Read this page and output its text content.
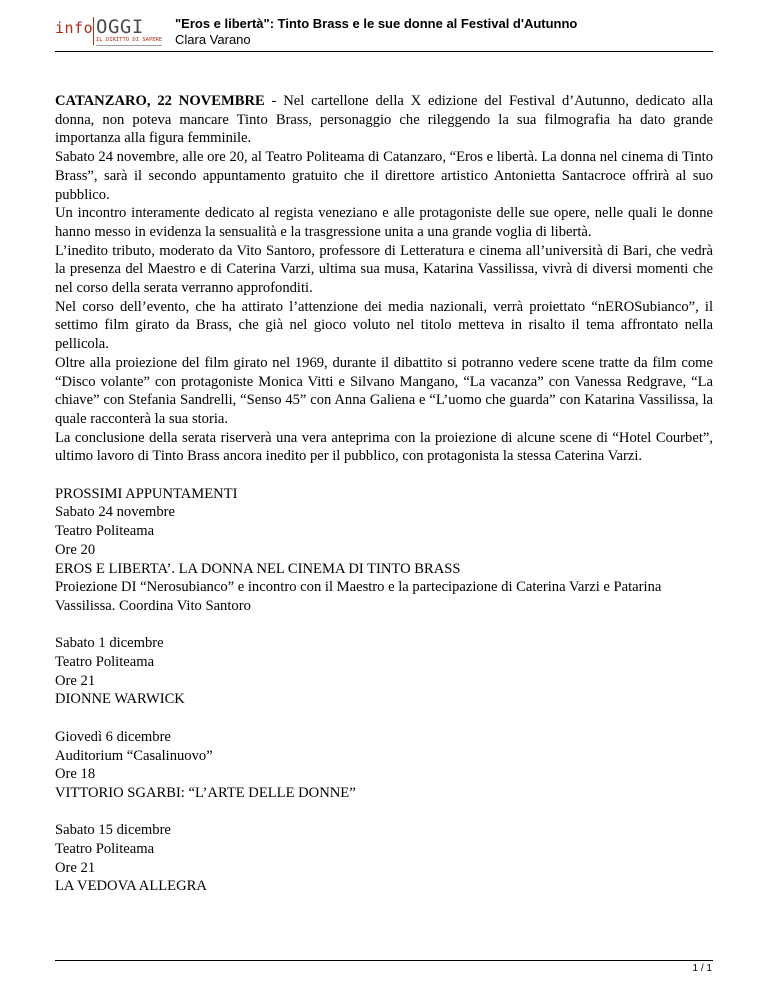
info OGGI
IL DIRITTO DI SAPERE
"Eros e libertà": Tinto Brass e le sue donne al Festival d'Autunno
Clara Varano

CATANZARO, 22 NOVEMBRE - Nel cartellone della X edizione del Festival d’Autunno, dedicato alla donna, non poteva mancare Tinto Brass, personaggio che rileggendo la sua filmografia ha dato grande importanza alla figura femminile.

Sabato 24 novembre, alle ore 20, al Teatro Politeama di Catanzaro, “Eros e libertà. La donna nel cinema di Tinto Brass”, sarà il secondo appuntamento gratuito che il direttore artistico Antonietta Santacroce offrirà al suo pubblico.

Un incontro interamente dedicato al regista veneziano e alle protagoniste delle sue opere, nelle quali le donne hanno messo in evidenza la sensualità e la trasgressione unita a una grande voglia di libertà.

L’inedito tributo, moderato da Vito Santoro, professore di Letteratura e cinema all’università di Bari, che vedrà la presenza del Maestro e di Caterina Varzi, ultima sua musa, Katarina Vassilissa, vivrà di diversi momenti che nel corso della serata verranno approfonditi.

Nel corso dell’evento, che ha attirato l’attenzione dei media nazionali, verrà proiettato “nEROSubianco”, il settimo film girato da Brass, che già nel gioco voluto nel titolo metteva in risalto il tema affrontato nella pellicola.

Oltre alla proiezione del film girato nel 1969, durante il dibattito si potranno vedere scene tratte da film come “Disco volante” con protagoniste Monica Vitti e Silvano Mangano, “La vacanza” con Vanessa Redgrave, “La chiave” con Stefania Sandrelli, “Senso 45” con Anna Galiena e “L’uomo che guarda” con Katarina Vassilissa, la quale racconterà la sua storia.

La conclusione della serata riserverà una vera anteprima con la proiezione di alcune scene di “Hotel Courbet”, ultimo lavoro di Tinto Brass ancora inedito per il pubblico, con protagonista la stessa Caterina Varzi.

PROSSIMI APPUNTAMENTI

Sabato 24 novembre

Teatro Politeama

Ore 20

EROS E LIBERTA’. LA DONNA NEL CINEMA DI TINTO BRASS

Proiezione DI “Nerosubianco” e incontro con il Maestro e la partecipazione di Caterina Varzi e Patarina Vassilissa. Coordina Vito Santoro

Sabato 1 dicembre

Teatro Politeama

Ore 21

DIONNE WARWICK

Giovedì 6 dicembre

Auditorium “Casalinuovo”

Ore 18

VITTORIO SGARBI: “L’ARTE DELLE DONNE”

Sabato 15 dicembre

Teatro Politeama

Ore 21

LA VEDOVA ALLEGRA

1 / 1
